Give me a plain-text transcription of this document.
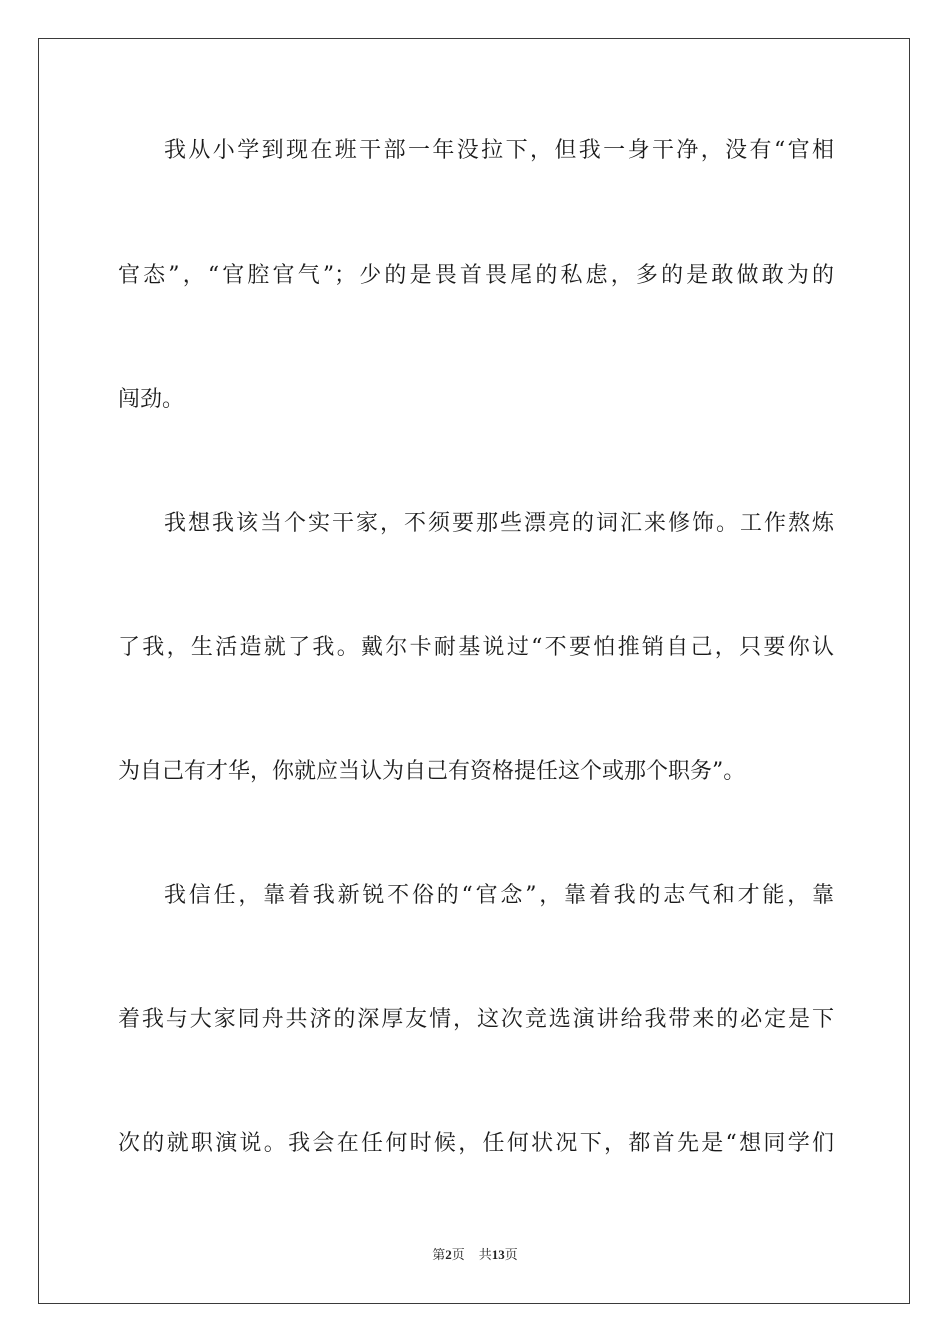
我从小学到现在班干部一年没拉下，但我一身干净，没有“官相
官态”，“官腔官气”；少的是畏首畏尾的私虑，多的是敢做敢为的
闯劲。
我想我该当个实干家，不须要那些漂亮的词汇来修饰。工作熬炼
了我，生活造就了我。戴尔卡耐基说过“不要怕推销自己，只要你认
为自己有才华，你就应当认为自己有资格提任这个或那个职务”。
我信任，靠着我新锐不俗的“官念”，靠着我的志气和才能，靠
着我与大家同舟共济的深厚友情，这次竞选演讲给我带来的必定是下
次的就职演说。我会在任何时候，任何状况下，都首先是“想同学们
第2页 共13页
